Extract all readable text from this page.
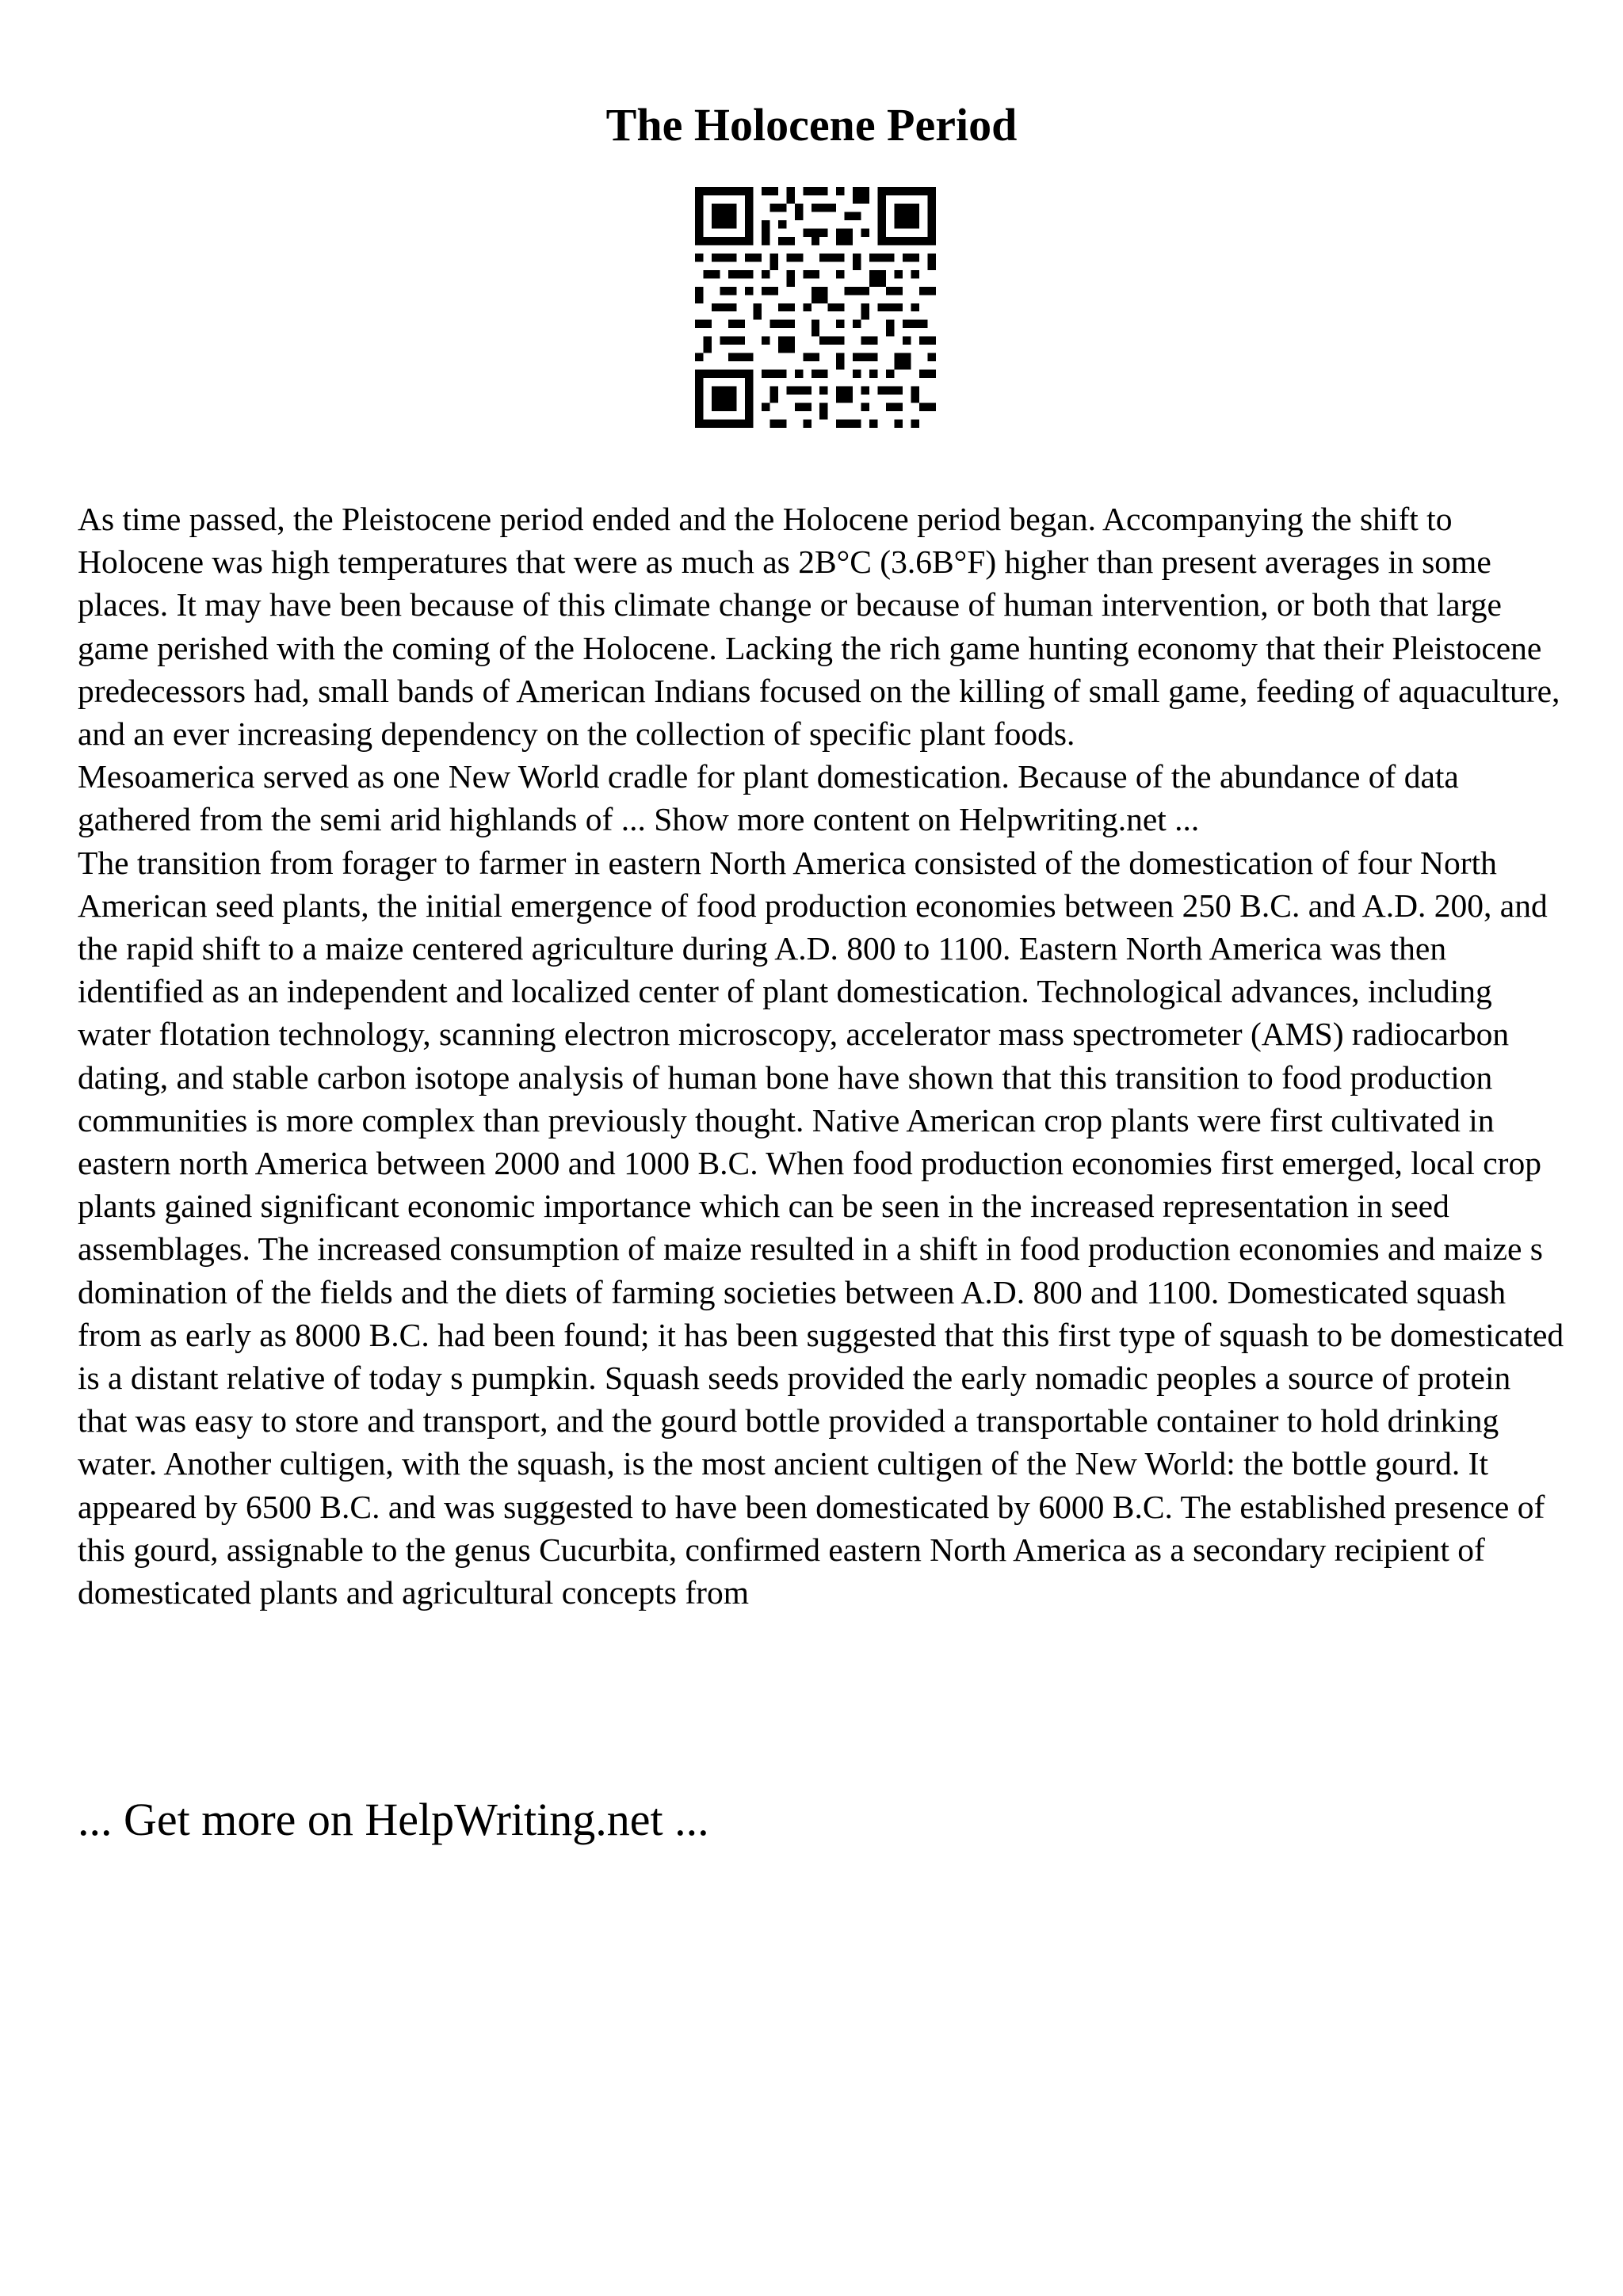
The Holocene Period

As time passed, the Pleistocene period ended and the Holocene period began. Accompanying the shift to Holocene was high temperatures that were as much as 2B°C (3.6B°F) higher than present averages in some places. It may have been because of this climate change or because of human intervention, or both that large game perished with the coming of the Holocene. Lacking the rich game hunting economy that their Pleistocene predecessors had, small bands of American Indians focused on the killing of small game, feeding of aquaculture, and an ever increasing dependency on the collection of specific plant foods.

Mesoamerica served as one New World cradle for plant domestication. Because of the abundance of data gathered from the semi arid highlands of ... Show more content on Helpwriting.net ...

The transition from forager to farmer in eastern North America consisted of the domestication of four North American seed plants, the initial emergence of food production economies between 250 B.C. and A.D. 200, and the rapid shift to a maize centered agriculture during A.D. 800 to 1100. Eastern North America was then identified as an independent and localized center of plant domestication. Technological advances, including water flotation technology, scanning electron microscopy, accelerator mass spectrometer (AMS) radiocarbon dating, and stable carbon isotope analysis of human bone have shown that this transition to food production communities is more complex than previously thought. Native American crop plants were first cultivated in eastern north America between 2000 and 1000 B.C. When food production economies first emerged, local crop plants gained significant economic importance which can be seen in the increased representation in seed assemblages. The increased consumption of maize resulted in a shift in food production economies and maize s domination of the fields and the diets of farming societies between A.D. 800 and 1100. Domesticated squash from as early as 8000 B.C. had been found; it has been suggested that this first type of squash to be domesticated is a distant relative of today s pumpkin. Squash seeds provided the early nomadic peoples a source of protein that was easy to store and transport, and the gourd bottle provided a transportable container to hold drinking water. Another cultigen, with the squash, is the most ancient cultigen of the New World: the bottle gourd. It appeared by 6500 B.C. and was suggested to have been domesticated by 6000 B.C. The established presence of this gourd, assignable to the genus Cucurbita, confirmed eastern North America as a secondary recipient of domesticated plants and agricultural concepts from

... Get more on HelpWriting.net ...
